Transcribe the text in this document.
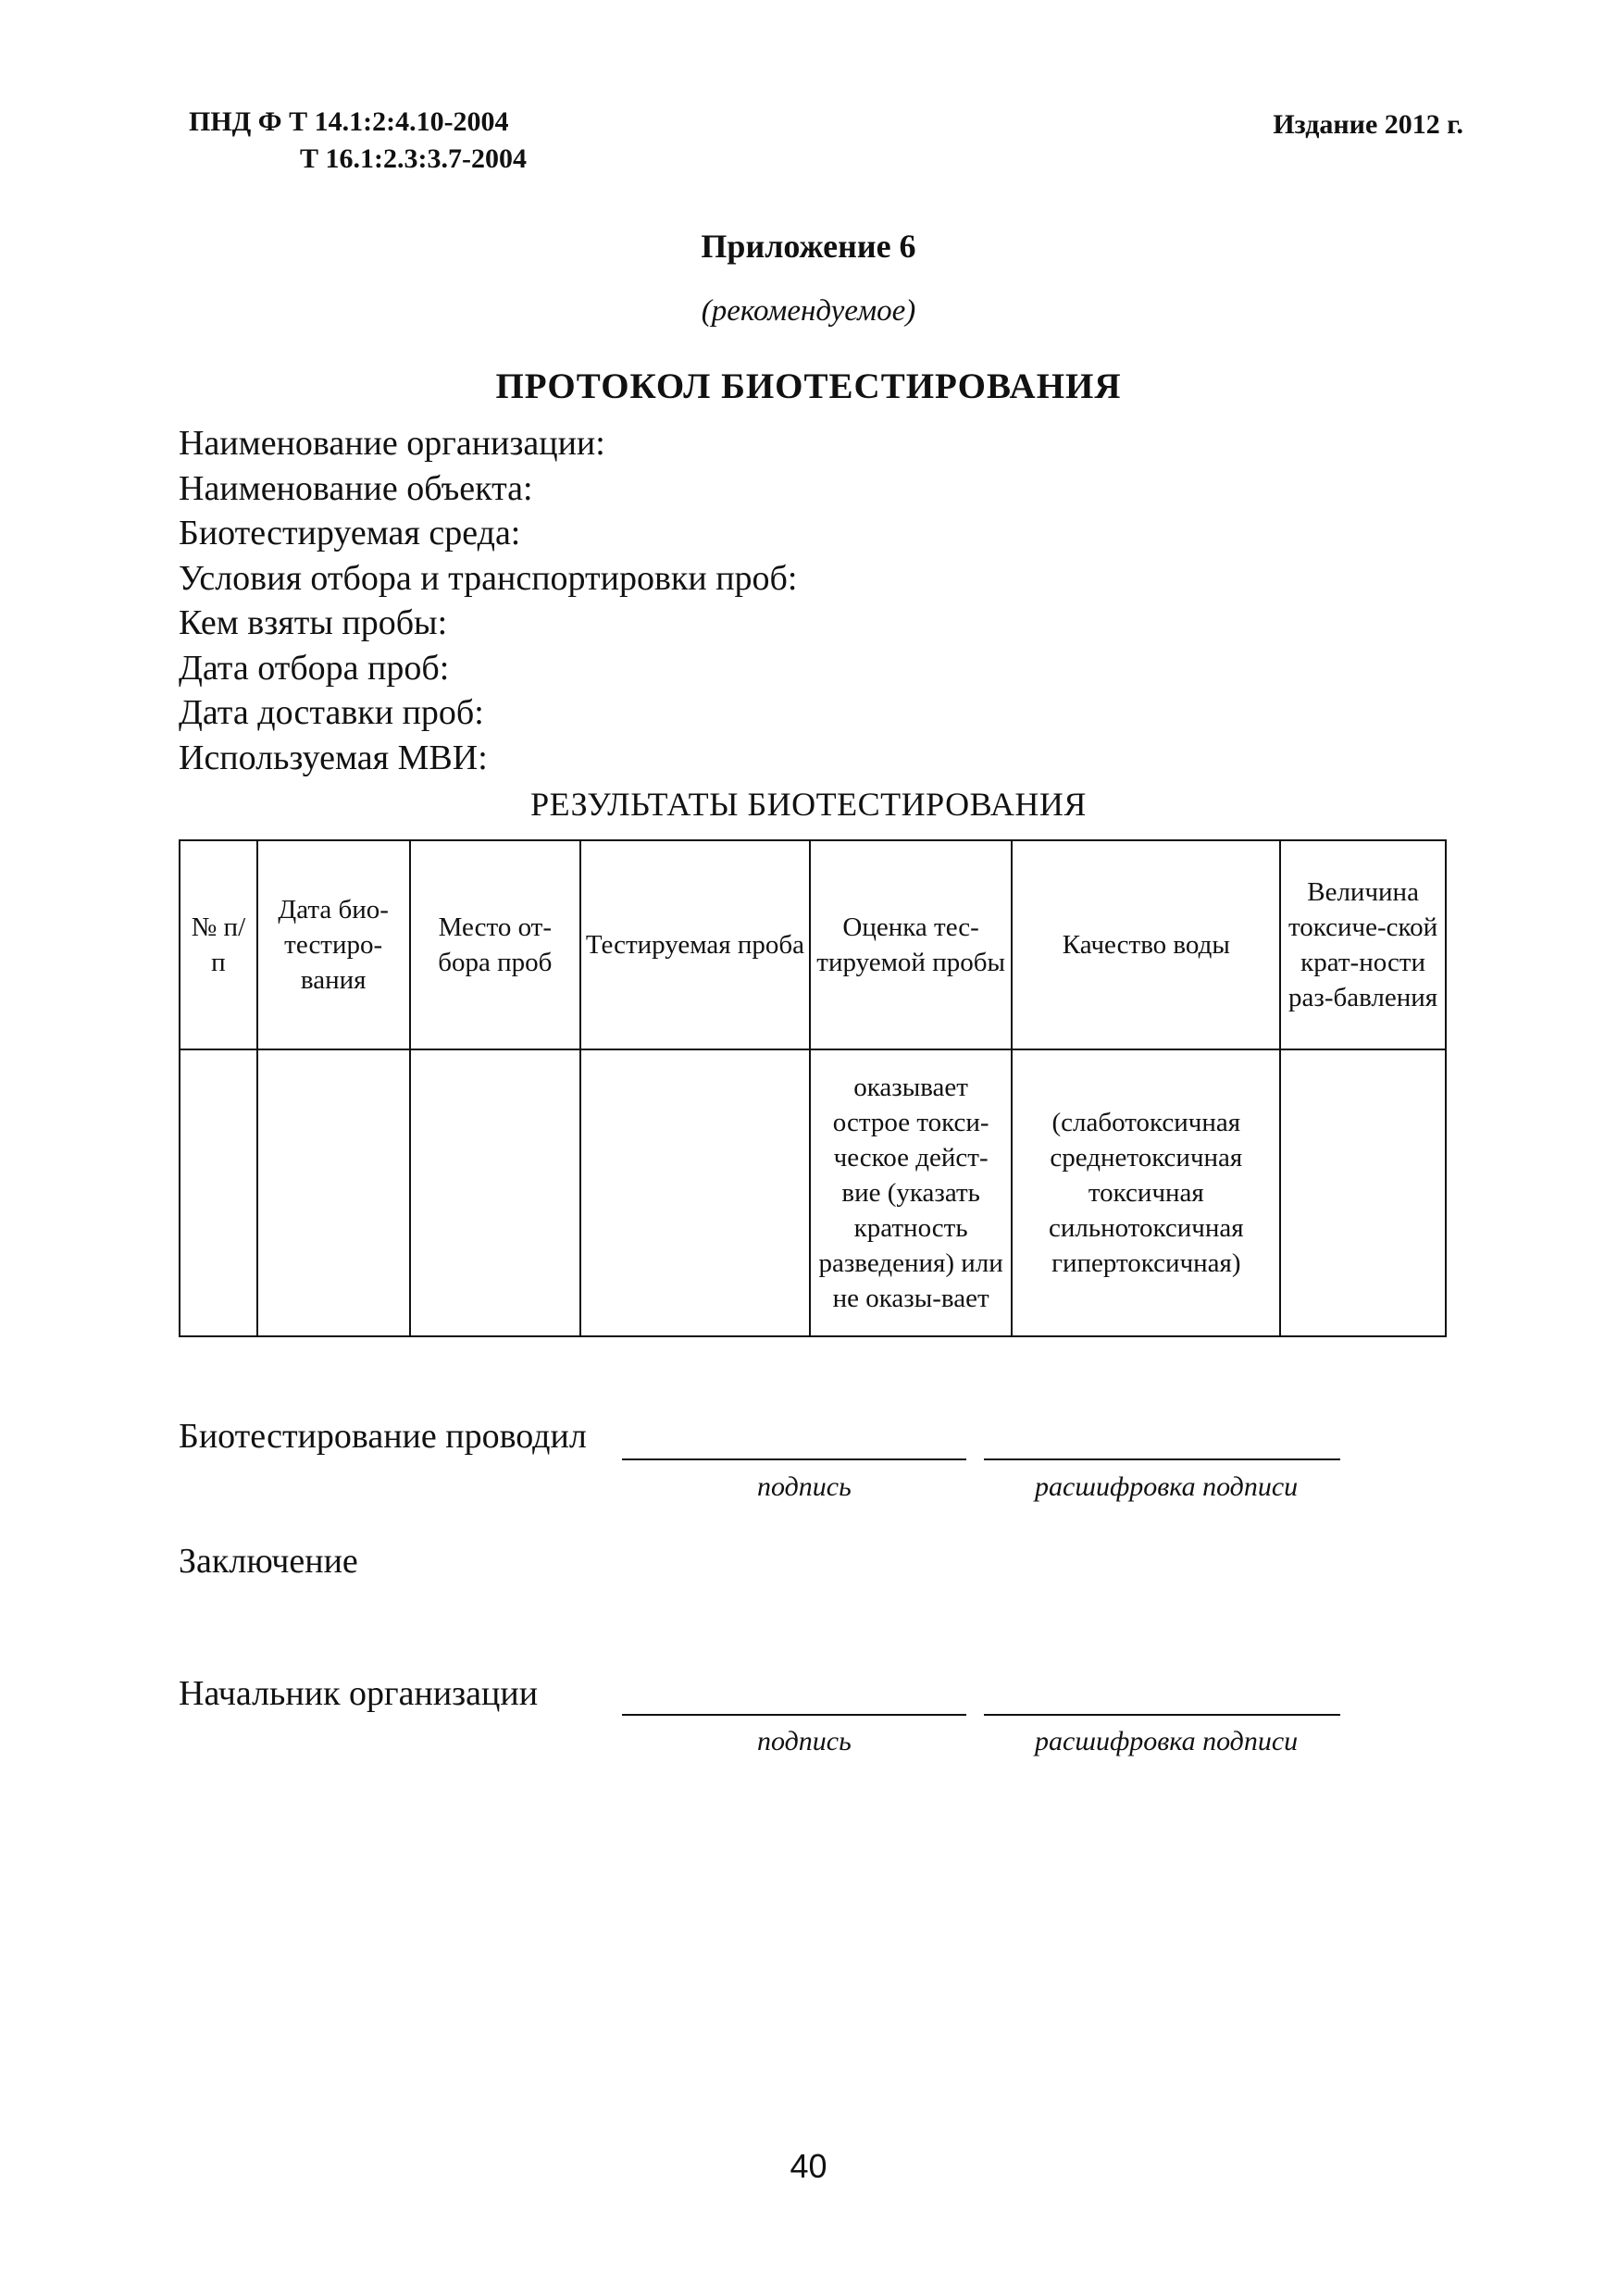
ПНД Ф Т 14.1:2:4.10-2004
Т 16.1:2.3:3.7-2004
Издание 2012 г.
Приложение 6
(рекомендуемое)
ПРОТОКОЛ БИОТЕСТИРОВАНИЯ
Наименование организации:
Наименование объекта:
Биотестируемая среда:
Условия отбора и транспортировки проб:
Кем взяты пробы:
Дата отбора проб:
Дата доставки проб:
Используемая МВИ:
РЕЗУЛЬТАТЫ БИОТЕСТИРОВАНИЯ
№ п/п	Дата био-тестиро-вания	Место от-бора проб	Тестируемая проба	Оценка тес-тируемой пробы	Качество воды	Величина токсиче-ской крат-ности раз-бавления
				оказывает острое токси-ческое дейст-вие (указать кратность разведения) или не оказы-вает	(слаботоксичная среднетоксичная токсичная сильнотоксичная гипертоксичная)	
Биотестирование проводил
подпись	расшифровка подписи
Заключение
Начальник организации
подпись	расшифровка подписи
40
